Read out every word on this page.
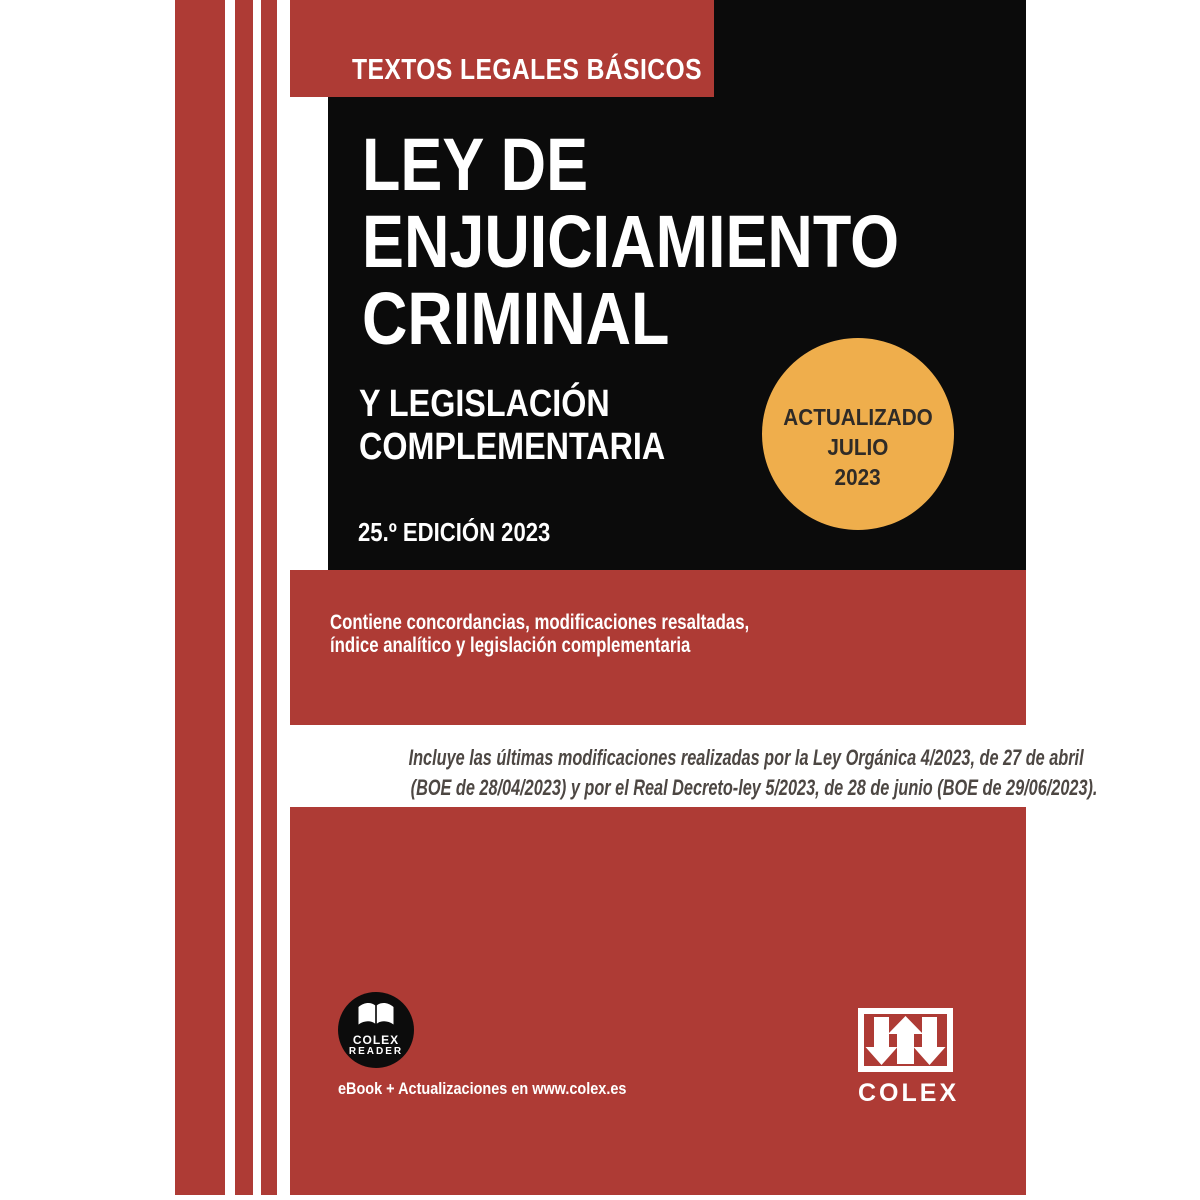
TEXTOS LEGALES BÁSICOS
LEY DE
ENJUICIAMIENTO
CRIMINAL
Y LEGISLACIÓN
COMPLEMENTARIA
25.º EDICIÓN 2023
ACTUALIZADO
JULIO
2023
Contiene concordancias, modificaciones resaltadas,
índice analítico y legislación complementaria
Incluye las últimas modificaciones realizadas por la Ley Orgánica 4/2023, de 27 de abril
(BOE de 28/04/2023) y por el Real Decreto-ley 5/2023, de 28 de junio (BOE de 29/06/2023).
COLEX
READER
eBook + Actualizaciones en www.colex.es	COLEX
